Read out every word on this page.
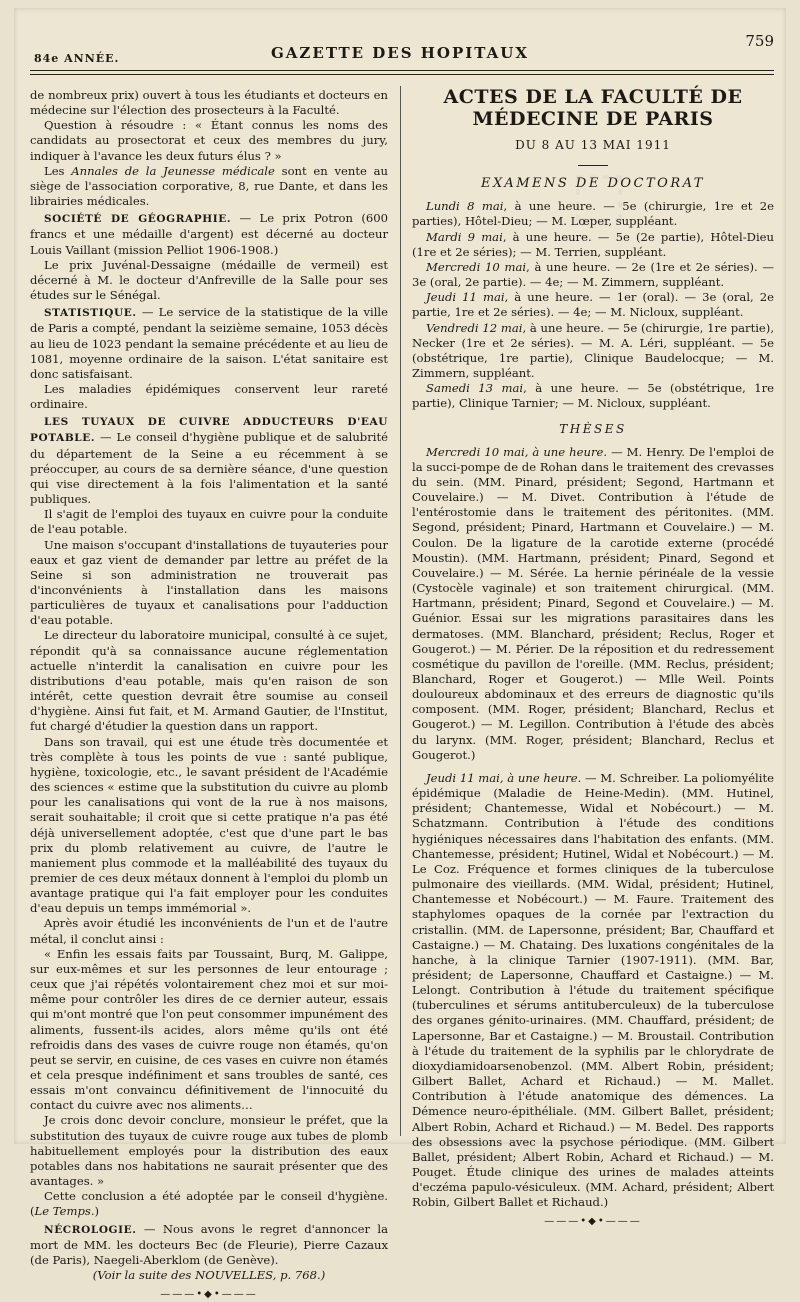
84e ANNÉE.	GAZETTE DES HOPITAUX
759

de nombreux prix) ouvert à tous les étudiants et docteurs en médecine sur l'élection des prosecteurs à la Faculté.

Question à résoudre : « Étant connus les noms des candidats au prosectorat et ceux des membres du jury, indiquer à l'avance les deux futurs élus ? »

Les Annales de la Jeunesse médicale sont en vente au siège de l'association corporative, 8, rue Dante, et dans les librairies médicales.

SOCIÉTÉ DE GÉOGRAPHIE. — Le prix Potron (600 francs et une médaille d'argent) est décerné au docteur Louis Vaillant (mission Pelliot 1906-1908.)

Le prix Juvénal-Dessaigne (médaille de vermeil) est décerné à M. le docteur d'Anfreville de la Salle pour ses études sur le Sénégal.

STATISTIQUE. — Le service de la statistique de la ville de Paris a compté, pendant la seizième semaine, 1053 décès au lieu de 1023 pendant la semaine précédente et au lieu de 1081, moyenne ordinaire de la saison. L'état sanitaire est donc satisfaisant.

Les maladies épidémiques conservent leur rareté ordinaire.

LES TUYAUX DE CUIVRE ADDUCTEURS D'EAU POTABLE. — Le conseil d'hygiène publique et de salubrité du département de la Seine a eu récemment à se préoccuper, au cours de sa dernière séance, d'une question qui vise directement à la fois l'alimentation et la santé publiques.

Il s'agit de l'emploi des tuyaux en cuivre pour la conduite de l'eau potable.

Une maison s'occupant d'installations de tuyauteries pour eaux et gaz vient de demander par lettre au préfet de la Seine si son administration ne trouverait pas d'inconvénients à l'installation dans les maisons particulières de tuyaux et canalisations pour l'adduction d'eau potable.

Le directeur du laboratoire municipal, consulté à ce sujet, répondit qu'à sa connaissance aucune réglementation actuelle n'interdit la canalisation en cuivre pour les distributions d'eau potable, mais qu'en raison de son intérêt, cette question devrait être soumise au conseil d'hygiène. Ainsi fut fait, et M. Armand Gautier, de l'Institut, fut chargé d'étudier la question dans un rapport.

Dans son travail, qui est une étude très documentée et très complète à tous les points de vue : santé publique, hygiène, toxicologie, etc., le savant président de l'Académie des sciences « estime que la substitution du cuivre au plomb pour les canalisations qui vont de la rue à nos maisons, serait souhaitable; il croit que si cette pratique n'a pas été déjà universellement adoptée, c'est que d'une part le bas prix du plomb relativement au cuivre, de l'autre le maniement plus commode et la malléabilité des tuyaux du premier de ces deux métaux donnent à l'emploi du plomb un avantage pratique qui l'a fait employer pour les conduites d'eau depuis un temps immémorial ».

Après avoir étudié les inconvénients de l'un et de l'autre métal, il conclut ainsi :

« Enfin les essais faits par Toussaint, Burq, M. Galippe, sur eux-mêmes et sur les personnes de leur entourage ; ceux que j'ai répétés volontairement chez moi et sur moi-même pour contrôler les dires de ce dernier auteur, essais qui m'ont montré que l'on peut consommer impunément des aliments, fussent-ils acides, alors même qu'ils ont été refroidis dans des vases de cuivre rouge non étamés, qu'on peut se servir, en cuisine, de ces vases en cuivre non étamés et cela presque indéfiniment et sans troubles de santé, ces essais m'ont convaincu définitivement de l'innocuité du contact du cuivre avec nos aliments…

Je crois donc devoir conclure, monsieur le préfet, que la substitution des tuyaux de cuivre rouge aux tubes de plomb habituellement employés pour la distribution des eaux potables dans nos habitations ne saurait présenter que des avantages. »

Cette conclusion a été adoptée par le conseil d'hygiène. (Le Temps.)

NÉCROLOGIE. — Nous avons le regret d'annoncer la mort de MM. les docteurs Bec (de Fleurie), Pierre Cazaux (de Paris), Naegeli-Aberklom (de Genève).

(Voir la suite des NOUVELLES, p. 768.)

———•◆•———
⬚
ACTES DE LA FACULTÉ DE MÉDECINE DE PARIS
DU 8 AU 13 MAI 1911
EXAMENS DE DOCTORAT

Lundi 8 mai, à une heure. — 5e (chirurgie, 1re et 2e parties), Hôtel-Dieu; — M. Lœper, suppléant.

Mardi 9 mai, à une heure. — 5e (2e partie), Hôtel-Dieu (1re et 2e séries); — M. Terrien, suppléant.

Mercredi 10 mai, à une heure. — 2e (1re et 2e séries). — 3e (oral, 2e partie). — 4e; — M. Zimmern, suppléant.

Jeudi 11 mai, à une heure. — 1er (oral). — 3e (oral, 2e partie, 1re et 2e séries). — 4e; — M. Nicloux, suppléant.

Vendredi 12 mai, à une heure. — 5e (chirurgie, 1re partie), Necker (1re et 2e séries). — M. A. Léri, suppléant. — 5e (obstétrique, 1re partie), Clinique Baudelocque; — M. Zimmern, suppléant.

Samedi 13 mai, à une heure. — 5e (obstétrique, 1re partie), Clinique Tarnier; — M. Nicloux, suppléant.

THÈSES

Mercredi 10 mai, à une heure. — M. Henry. De l'emploi de la succi-pompe de de Rohan dans le traitement des crevasses du sein. (MM. Pinard, président; Segond, Hartmann et Couvelaire.) — M. Divet. Contribution à l'étude de l'entérostomie dans le traitement des péritonites. (MM. Segond, président; Pinard, Hartmann et Couvelaire.) — M. Coulon. De la ligature de la carotide externe (procédé Moustin). (MM. Hartmann, président; Pinard, Segond et Couvelaire.) — M. Sérée. La hernie périnéale de la vessie (Cystocèle vaginale) et son traitement chirurgical. (MM. Hartmann, président; Pinard, Segond et Couvelaire.) — M. Guénior. Essai sur les migrations parasitaires dans les dermatoses. (MM. Blanchard, président; Reclus, Roger et Gougerot.) — M. Périer. De la réposition et du redressement cosmétique du pavillon de l'oreille. (MM. Reclus, président; Blanchard, Roger et Gougerot.) — Mlle Weil. Points douloureux abdominaux et des erreurs de diagnostic qu'ils composent. (MM. Roger, président; Blanchard, Reclus et Gougerot.) — M. Legillon. Contribution à l'étude des abcès du larynx. (MM. Roger, président; Blanchard, Reclus et Gougerot.)

Jeudi 11 mai, à une heure. — M. Schreiber. La poliomyélite épidémique (Maladie de Heine-Medin). (MM. Hutinel, président; Chantemesse, Widal et Nobécourt.) — M. Schatzmann. Contribution à l'étude des conditions hygiéniques nécessaires dans l'habitation des enfants. (MM. Chantemesse, président; Hutinel, Widal et Nobécourt.) — M. Le Coz. Fréquence et formes cliniques de la tuberculose pulmonaire des vieillards. (MM. Widal, président; Hutinel, Chantemesse et Nobécourt.) — M. Faure. Traitement des staphylomes opaques de la cornée par l'extraction du cristallin. (MM. de Lapersonne, président; Bar, Chauffard et Castaigne.) — M. Chataing. Des luxations congénitales de la hanche, à la clinique Tarnier (1907-1911). (MM. Bar, président; de Lapersonne, Chauffard et Castaigne.) — M. Lelongt. Contribution à l'étude du traitement spécifique (tuberculines et sérums antituberculeux) de la tuberculose des organes génito-urinaires. (MM. Chauffard, président; de Lapersonne, Bar et Castaigne.) — M. Broustail. Contribution à l'étude du traitement de la syphilis par le chlorydrate de dioxydiamidoarsenobenzol. (MM. Albert Robin, président; Gilbert Ballet, Achard et Richaud.) — M. Mallet. Contribution à l'étude anatomique des démences. La Démence neuro-épithéliale. (MM. Gilbert Ballet, président; Albert Robin, Achard et Richaud.) — M. Bedel. Des rapports des obsessions avec la psychose périodique. (MM. Gilbert Ballet, président; Albert Robin, Achard et Richaud.) — M. Pouget. Étude clinique des urines de malades atteints d'eczéma papulo-vésiculeux. (MM. Achard, président; Albert Robin, Gilbert Ballet et Richaud.)

———•◆•———
